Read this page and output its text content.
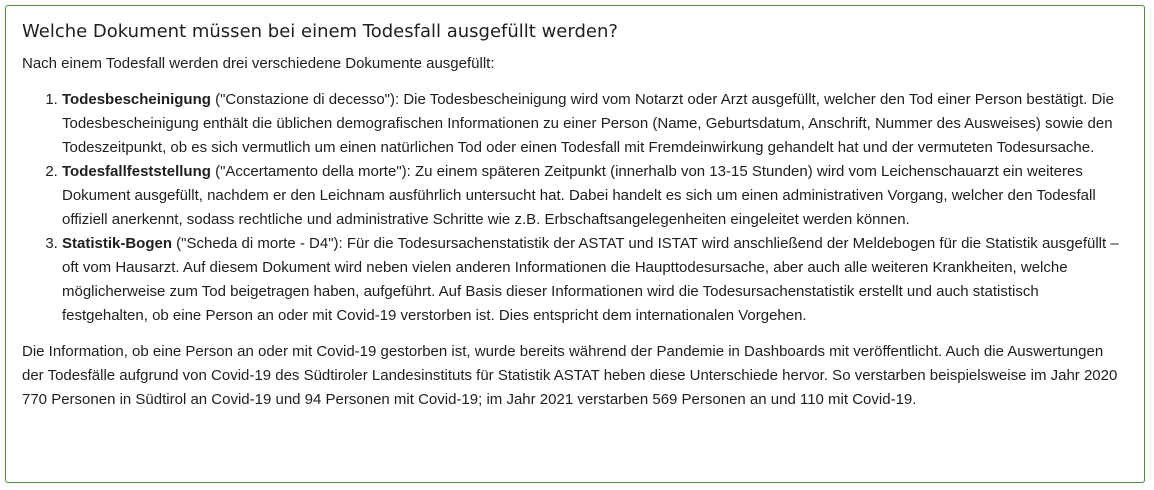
Welche Dokument müssen bei einem Todesfall ausgefüllt werden?

Nach einem Todesfall werden drei verschiedene Dokumente ausgefüllt:

1. Todesbescheinigung ("Constazione di decesso"): Die Todesbescheinigung wird vom Notarzt oder Arzt ausgefüllt, welcher den Tod einer Person bestätigt. Die Todesbescheinigung enthält die üblichen demografischen Informationen zu einer Person (Name, Geburtsdatum, Anschrift, Nummer des Ausweises) sowie den Todeszeitpunkt, ob es sich vermutlich um einen natürlichen Tod oder einen Todesfall mit Fremdeinwirkung gehandelt hat und der vermuteten Todesursache.
2. Todesfallfeststellung ("Accertamento della morte"): Zu einem späteren Zeitpunkt (innerhalb von 13-15 Stunden) wird vom Leichenschauarzt ein weiteres Dokument ausgefüllt, nachdem er den Leichnam ausführlich untersucht hat. Dabei handelt es sich um einen administrativen Vorgang, welcher den Todesfall offiziell anerkennt, sodass rechtliche und administrative Schritte wie z.B. Erbschaftsangelegenheiten eingeleitet werden können.
3. Statistik-Bogen ("Scheda di morte - D4"): Für die Todesursachenstatistik der ASTAT und ISTAT wird anschließend der Meldebogen für die Statistik ausgefüllt – oft vom Hausarzt. Auf diesem Dokument wird neben vielen anderen Informationen die Haupttodesursache, aber auch alle weiteren Krankheiten, welche möglicherweise zum Tod beigetragen haben, aufgeführt. Auf Basis dieser Informationen wird die Todesursachenstatistik erstellt und auch statistisch festgehalten, ob eine Person an oder mit Covid-19 verstorben ist. Dies entspricht dem internationalen Vorgehen.

Die Information, ob eine Person an oder mit Covid-19 gestorben ist, wurde bereits während der Pandemie in Dashboards mit veröffentlicht. Auch die Auswertungen der Todesfälle aufgrund von Covid-19 des Südtiroler Landesinstituts für Statistik ASTAT heben diese Unterschiede hervor. So verstarben beispielsweise im Jahr 2020 770 Personen in Südtirol an Covid-19 und 94 Personen mit Covid-19; im Jahr 2021 verstarben 569 Personen an und 110 mit Covid-19.
